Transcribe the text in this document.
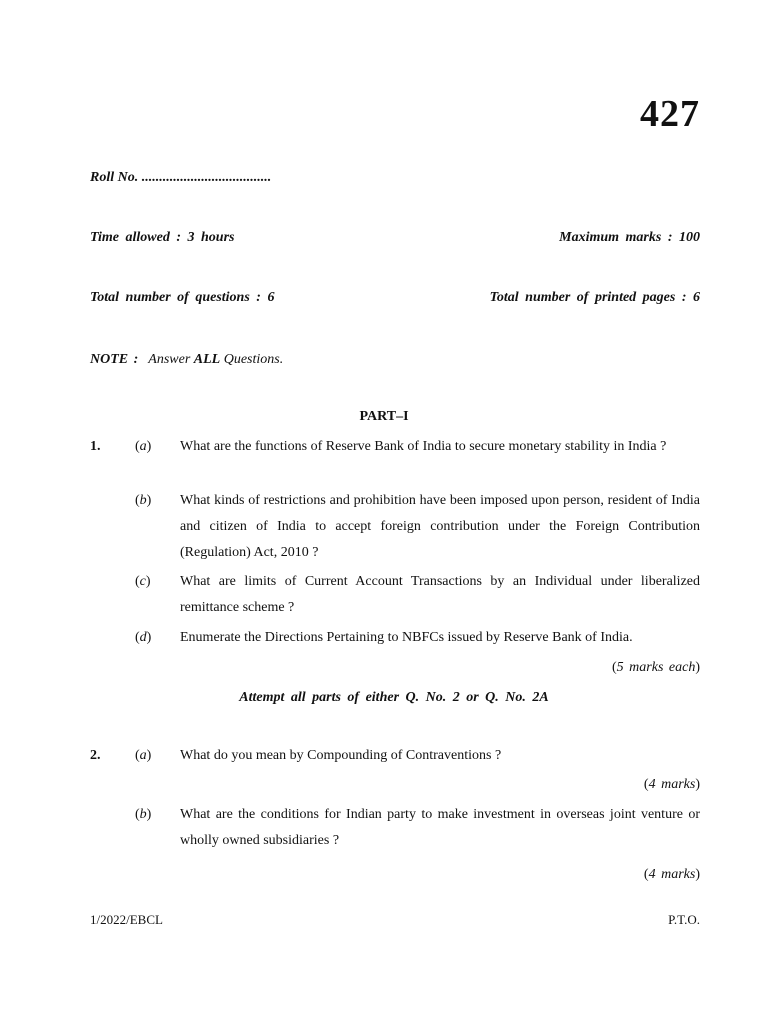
427
Roll No. .....................................
Time allowed : 3 hours	Maximum marks : 100
Total number of questions : 6	Total number of printed pages : 6
NOTE : Answer ALL Questions.
PART–I
1. (a) What are the functions of Reserve Bank of India to secure monetary stability in India ?
(b) What kinds of restrictions and prohibition have been imposed upon person, resident of India and citizen of India to accept foreign contribution under the Foreign Contribution (Regulation) Act, 2010 ?
(c) What are limits of Current Account Transactions by an Individual under liberalized remittance scheme ?
(d) Enumerate the Directions Pertaining to NBFCs issued by Reserve Bank of India.
(5 marks each)
Attempt all parts of either Q. No. 2 or Q. No. 2A
2. (a) What do you mean by Compounding of Contraventions ?
(4 marks)
(b) What are the conditions for Indian party to make investment in overseas joint venture or wholly owned subsidiaries ?
(4 marks)
1/2022/EBCL	P.T.O.
